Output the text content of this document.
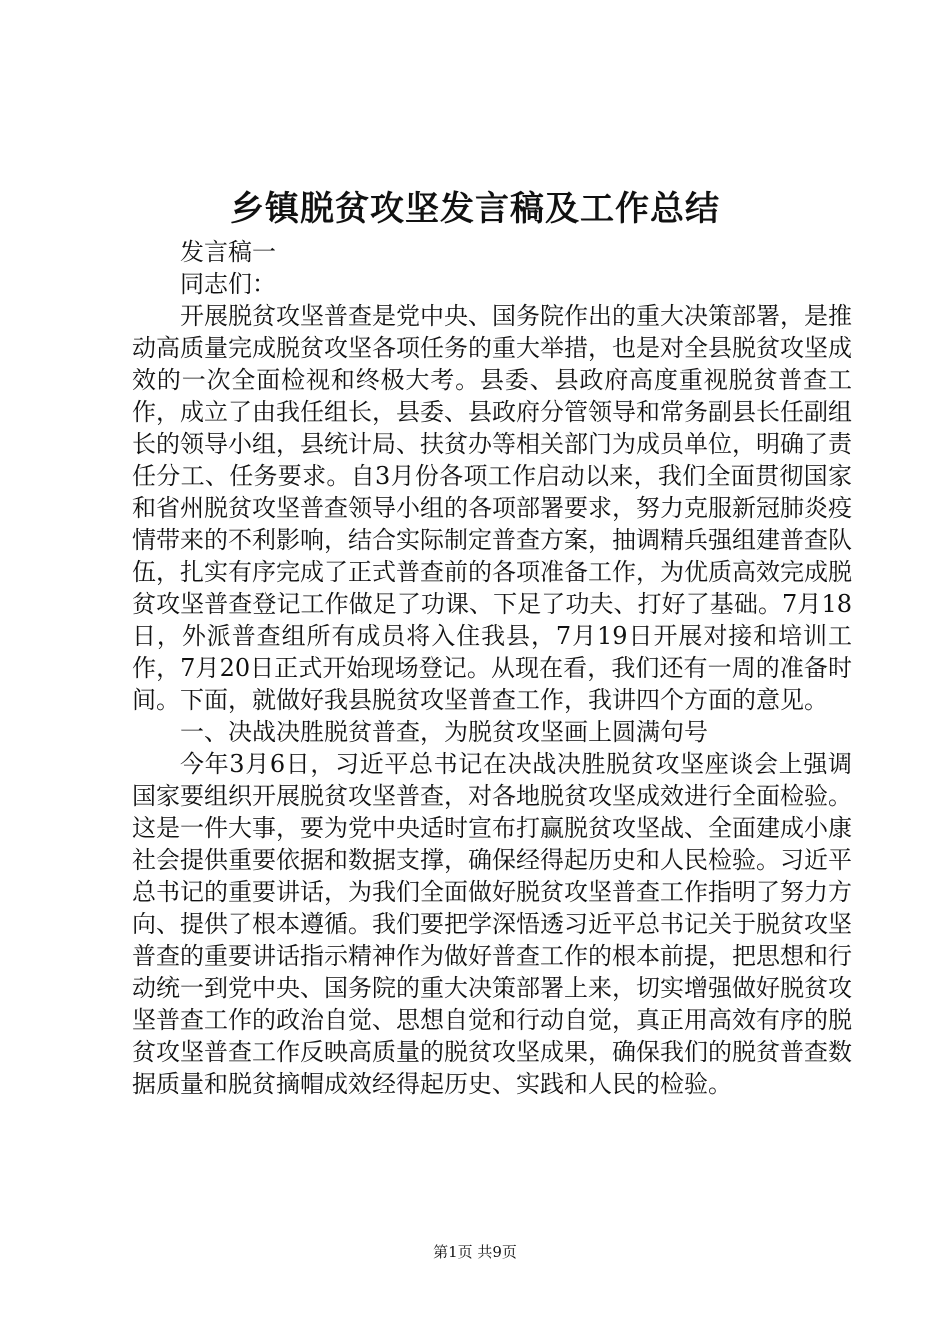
乡镇脱贫攻坚发言稿及工作总结

发言稿一

同志们：

开展脱贫攻坚普查是党中央、国务院作出的重大决策部署，是推动高质量完成脱贫攻坚各项任务的重大举措，也是对全县脱贫攻坚成效的一次全面检视和终极大考。县委、县政府高度重视脱贫普查工作，成立了由我任组长，县委、县政府分管领导和常务副县长任副组长的领导小组，县统计局、扶贫办等相关部门为成员单位，明确了责任分工、任务要求。自3月份各项工作启动以来，我们全面贯彻国家和省州脱贫攻坚普查领导小组的各项部署要求，努力克服新冠肺炎疫情带来的不利影响，结合实际制定普查方案，抽调精兵强组建普查队伍，扎实有序完成了正式普查前的各项准备工作，为优质高效完成脱贫攻坚普查登记工作做足了功课、下足了功夫、打好了基础。7月18日，外派普查组所有成员将入住我县，7月19日开展对接和培训工作，7月20日正式开始现场登记。从现在看，我们还有一周的准备时间。下面，就做好我县脱贫攻坚普查工作，我讲四个方面的意见。

一、决战决胜脱贫普查，为脱贫攻坚画上圆满句号

今年3月6日，习近平总书记在决战决胜脱贫攻坚座谈会上强调国家要组织开展脱贫攻坚普查，对各地脱贫攻坚成效进行全面检验。这是一件大事，要为党中央适时宣布打赢脱贫攻坚战、全面建成小康社会提供重要依据和数据支撑，确保经得起历史和人民检验。习近平总书记的重要讲话，为我们全面做好脱贫攻坚普查工作指明了努力方向、提供了根本遵循。我们要把学深悟透习近平总书记关于脱贫攻坚普查的重要讲话指示精神作为做好普查工作的根本前提，把思想和行动统一到党中央、国务院的重大决策部署上来，切实增强做好脱贫攻坚普查工作的政治自觉、思想自觉和行动自觉，真正用高效有序的脱贫攻坚普查工作反映高质量的脱贫攻坚成果，确保我们的脱贫普查数据质量和脱贫摘帽成效经得起历史、实践和人民的检验。

第1页 共9页
